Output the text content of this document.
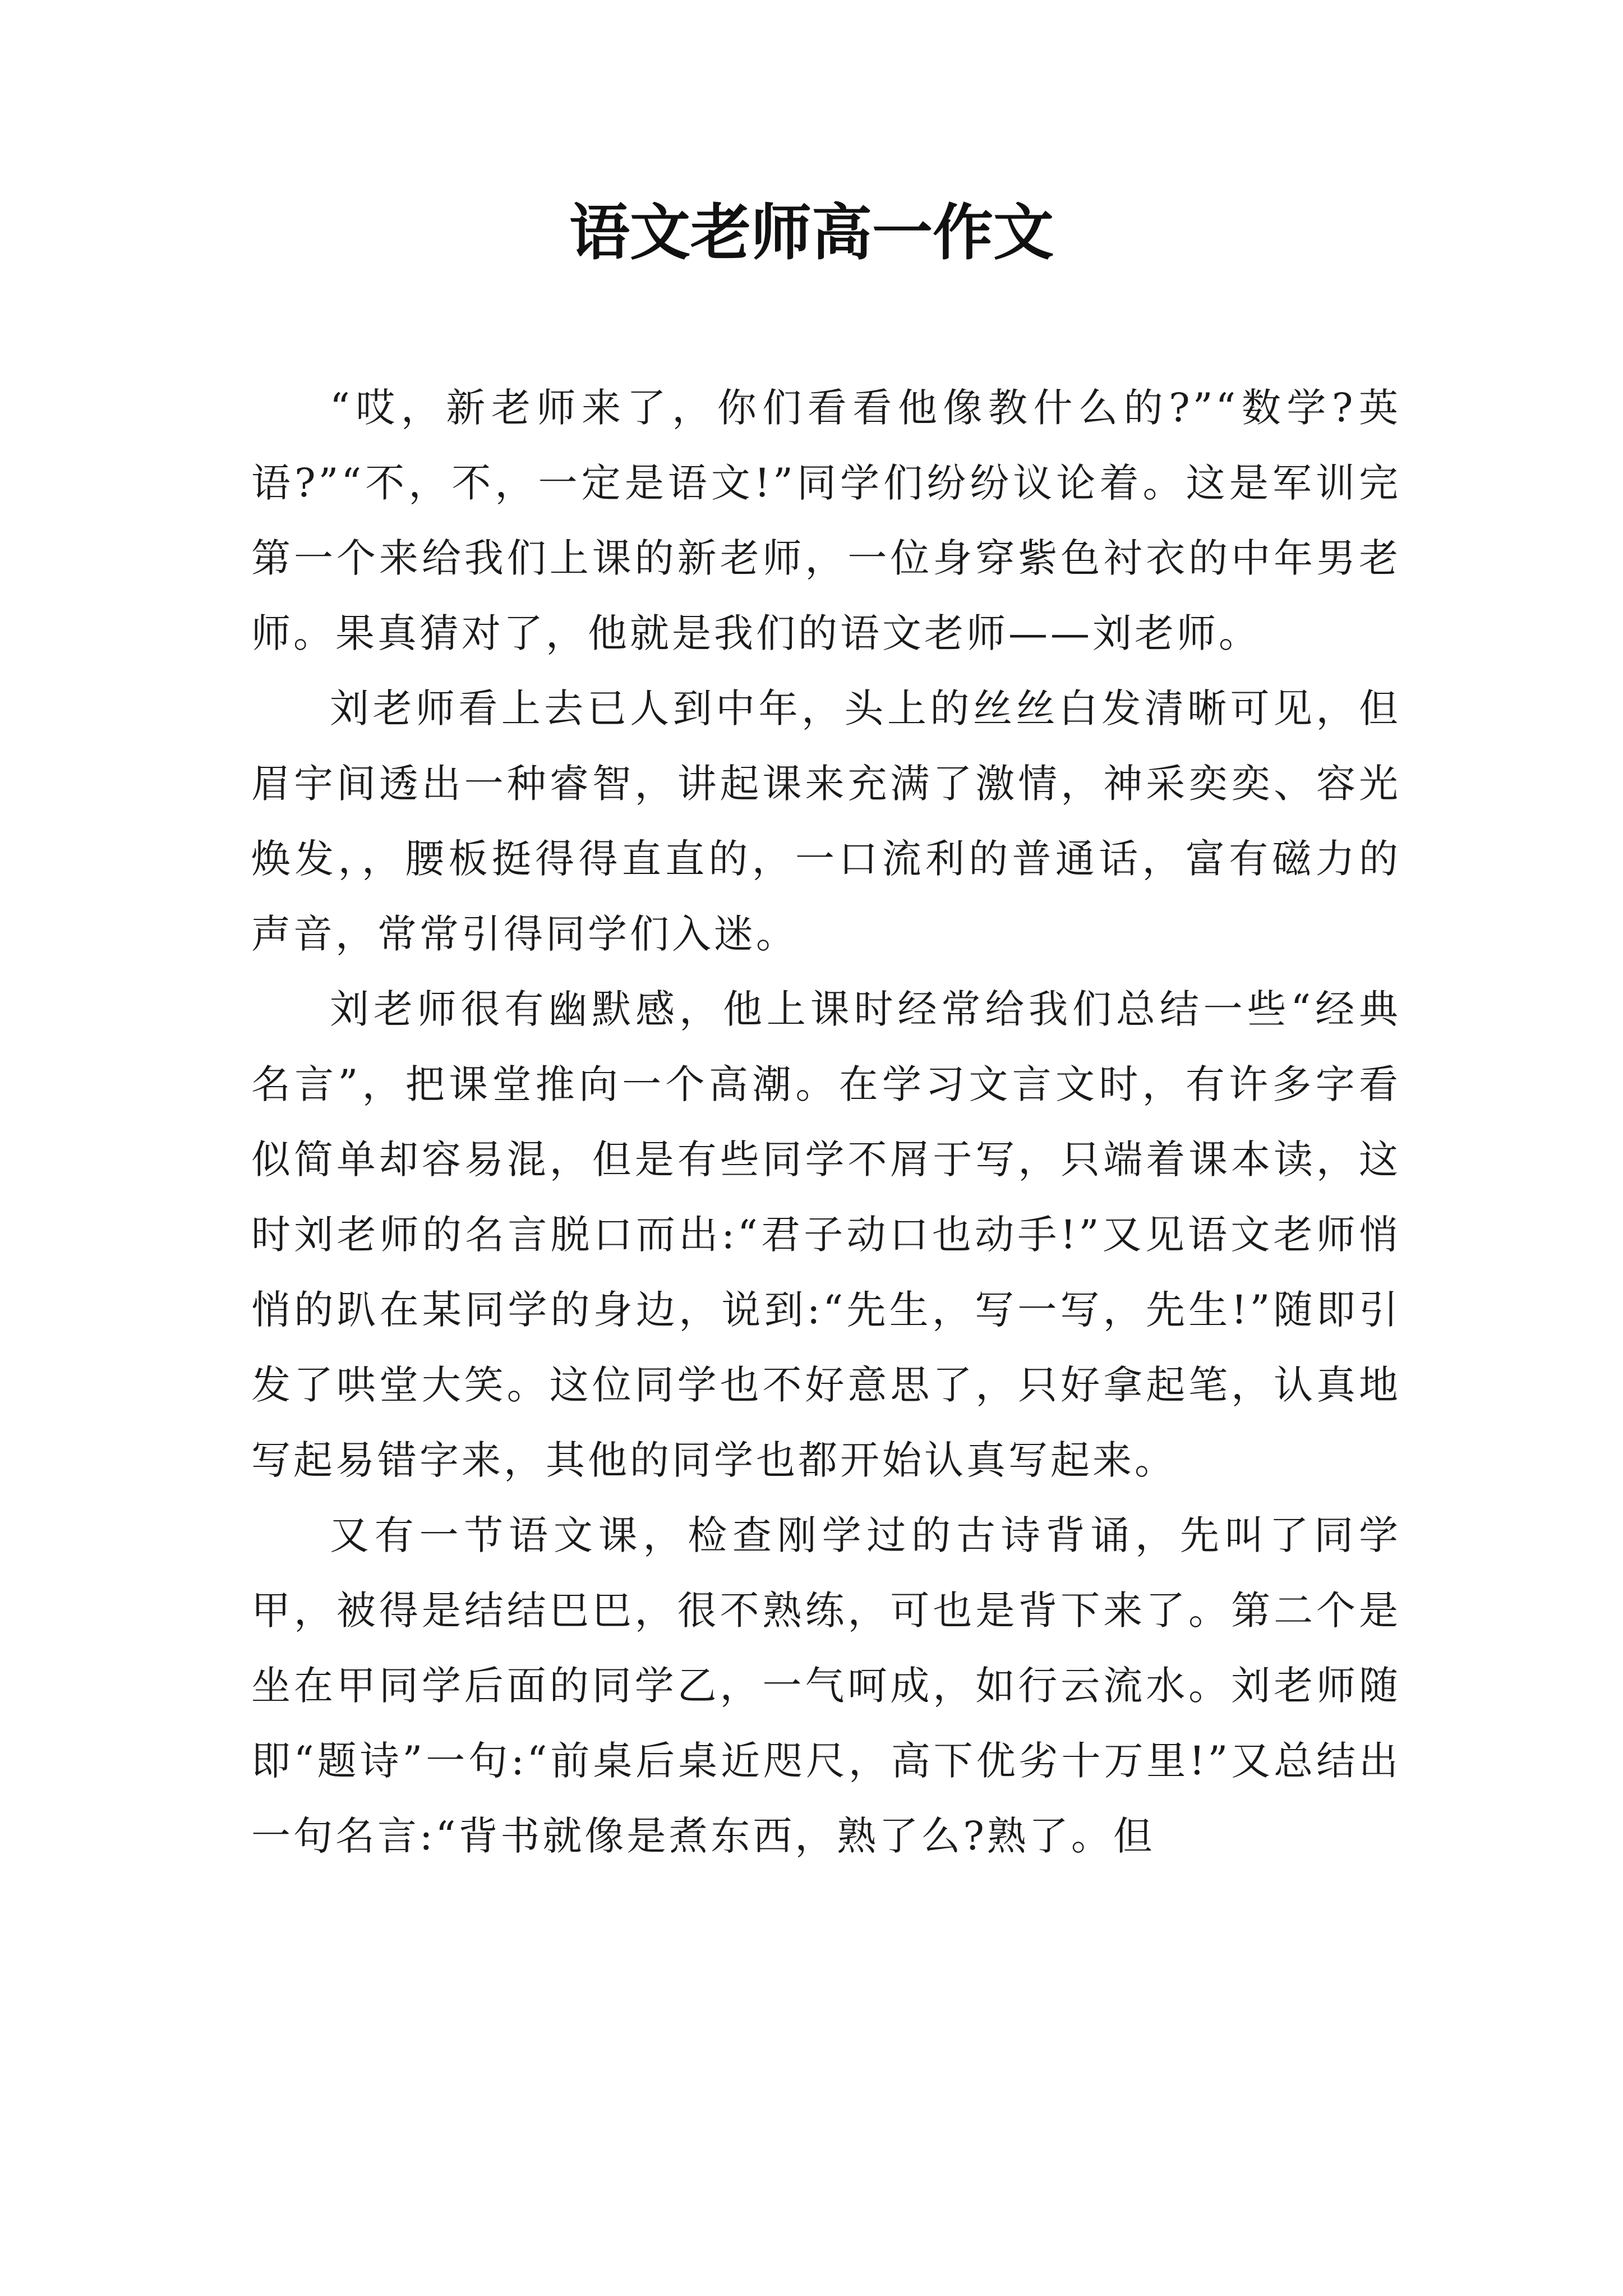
语文老师高一作文

“哎，新老师来了，你们看看他像教什么的?”“数学?英语?”“不，不，一定是语文!”同学们纷纷议论着。这是军训完第一个来给我们上课的新老师，一位身穿紫色衬衣的中年男老师。果真猜对了，他就是我们的语文老师——刘老师。

刘老师看上去已人到中年，头上的丝丝白发清晰可见，但眉宇间透出一种睿智，讲起课来充满了激情，神采奕奕、容光焕发，，腰板挺得得直直的，一口流利的普通话，富有磁力的声音，常常引得同学们入迷。

刘老师很有幽默感，他上课时经常给我们总结一些“经典名言”，把课堂推向一个高潮。在学习文言文时，有许多字看似简单却容易混，但是有些同学不屑于写，只端着课本读，这时刘老师的名言脱口而出:“君子动口也动手!”又见语文老师悄悄的趴在某同学的身边，说到:“先生，写一写，先生!”随即引发了哄堂大笑。这位同学也不好意思了，只好拿起笔，认真地写起易错字来，其他的同学也都开始认真写起来。

又有一节语文课，检查刚学过的古诗背诵，先叫了同学甲，被得是结结巴巴，很不熟练，可也是背下来了。第二个是坐在甲同学后面的同学乙，一气呵成，如行云流水。刘老师随即“题诗”一句:“前桌后桌近咫尺，高下优劣十万里!”又总结出一句名言:“背书就像是煮东西，熟了么?熟了。但
